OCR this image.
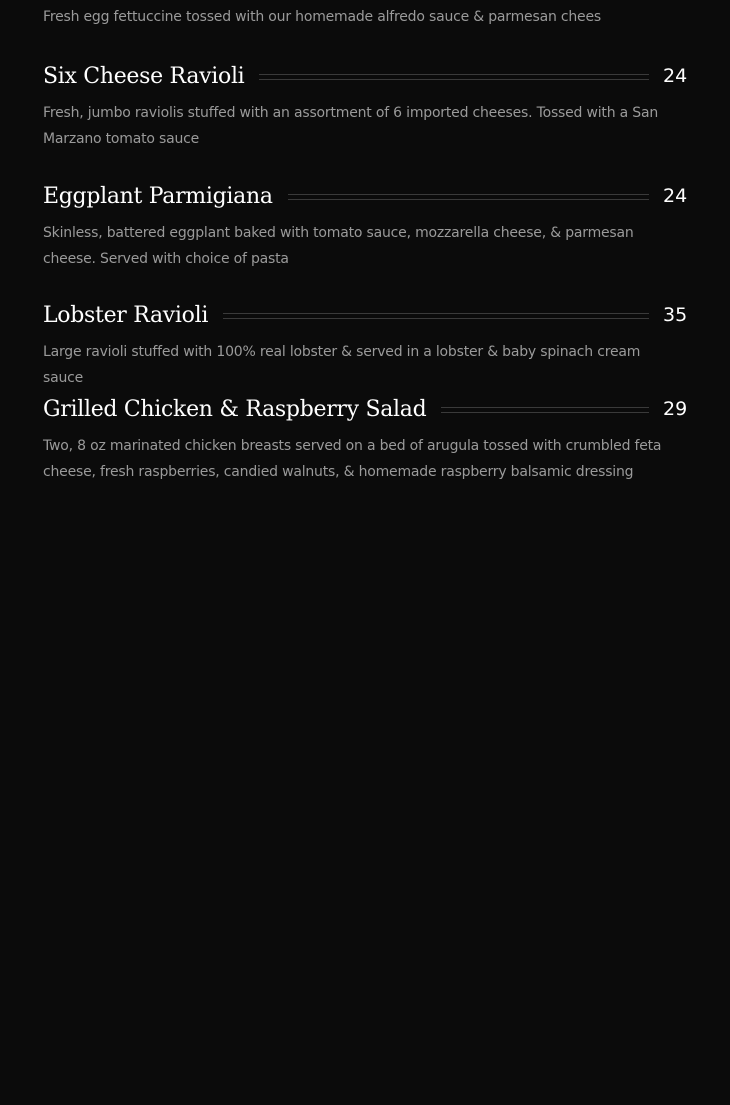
Fresh egg fettuccine tossed with our homemade alfredo sauce & parmesan chees

Six Cheese Ravioli	24

Fresh, jumbo raviolis stuffed with an assortment of 6 imported cheeses. Tossed with a San Marzano tomato sauce

Eggplant Parmigiana	24

Skinless, battered eggplant baked with tomato sauce, mozzarella cheese, & parmesan cheese. Served with choice of pasta

Lobster Ravioli	35

Large ravioli stuffed with 100% real lobster & served in a lobster & baby spinach cream sauce

Grilled Chicken & Raspberry Salad	29

Two, 8 oz marinated chicken breasts served on a bed of arugula tossed with crumbled feta cheese, fresh raspberries, candied walnuts, & homemade raspberry balsamic dressing
